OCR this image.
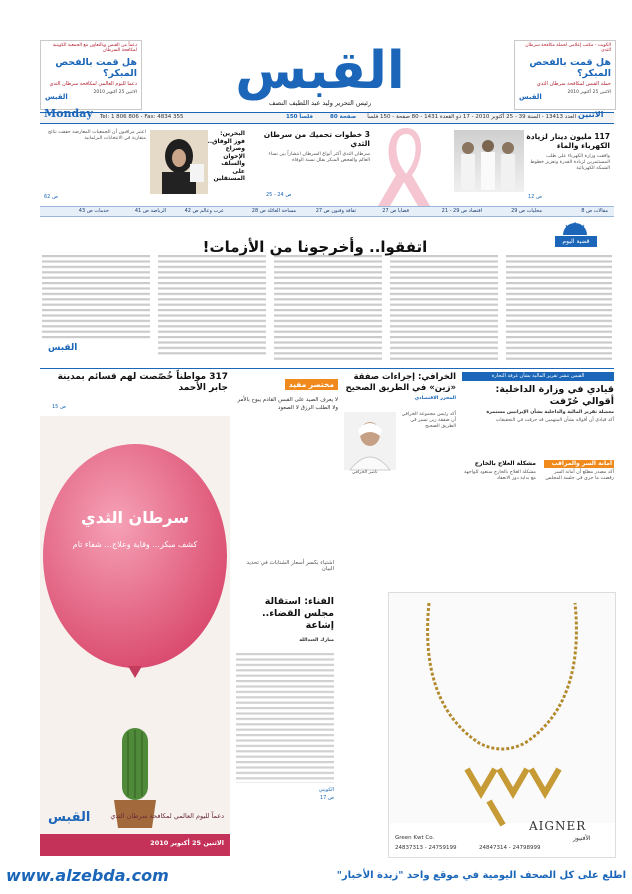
الكويت - مكتب إعلامي لحملة مكافحة سرطان الثدي
هل قمت بالفحص المبكر؟
حملة القبس لمكافحة سرطان الثدي
الاثنين 25 أكتوبر 2010
القبس
دعماً من القبس وبالتعاون مع الجمعية الكويتية لمكافحة السرطان
هل قمت بالفحص المبكر؟
دعما لليوم العالمي لمكافحة سرطان الثدي
الاثنين 25 أكتوبر 2010
القبس	القبس
رئيس التحرير وليد عبد اللطيف النصف
Tel: 1 806 806 - Fax: 4834 355	150 فلساً	80 صفحة العدد 13413 - السنة 39 - 25 أكتوبر 2010 - 17 ذو القعدة 1431 - 80 صفحة - 150 فلساً
Monday	الاثنين
117 مليون دينار لزيادة الكهرباء والماء
وافقت وزارة الكهرباء على طلب المستثمرين لزيادة القدرة وتعزيز خطوط الشبكة الكهربائية
ص 12
3 خطوات تحميك من سرطان الثدي
سرطان الثدي أكثر أنواع السرطان انتشاراً بين نساء العالم والفحص المبكر يقلل نسبة الوفاة
ص 24 - 25
البحرين: فوز الوفاق.. وصراع الإخوان والسلف على المستقلين
اعتبر مراقبون أن الجمعيات المعارضة حققت نتائج متقاربة في الانتخابات البرلمانية
ص 62
مقالات ص 8
محليات ص 29
اقتصاد ص 29 - 21
قضايا ص 27
ثقافة وفنون ص 27
مساحة العائلة ص 28
عرب وعالم ص 42
الرياضة ص 41
خدمات ص 43
قضية اليوم
اتفقوا.. وأخرجونا من الأزمات!
القبس
القبس تنشر تقرير المالية بشأن غرفة التجارة
قيادي في وزارة الداخلية: أقوالي حُرّفت
معضلة تقرير المالية والداخلية بشأن الإيرانيين مستمرة
أكد قيادي أن أقواله بشأن المتهمين قد حرفت في التحقيقات
الخرافي: إجراءات صفقة «زين» في الطريق الصحيح
المحرر الاقتصادي
أكد رئيس مجموعة الخرافي أن صفقة زين تسير في الطريق الصحيح
ناصر الخرافي
مختصر مفيد
لا يعرف الصيد على القبس القادم يبوح بالأمر ولا الطلب الرزق لا الصعود
317 مواطناً خُصّصت لهم قسائم بمدينة جابر الأحمد
ص 15
سرطان الثدي
كشف مبكر... وقاية وعلاج... شفاء تام
القبس	دعماً لليوم العالمي لمكافحة سرطان الثدي
الاثنين 25 أكتوبر 2010
اشتياء بكسر أسعار الشنابات في تحديد البيان
الفناء: استقالة مجلس القضاء.. إشاعة
مبارك العبدالله
الكويتي
ص 17
أمانة السر والمراقب
أكد مصدر مطلع أن أمانة السر رفضت ما جرى في جلسة المجلس
مشكلة العلاج بالخارج
مشكلة العلاج بالخارج ستعود للواجهة مع بداية دور الانعقاد
AIGNER
Green Kwt Co.
24837313 - 24759199	24847314 - 24798999
الأفنيوز
www.alzebda.com	اطلع على كل الصحف اليومية في موقع واحد "زبدة الأخبار"
